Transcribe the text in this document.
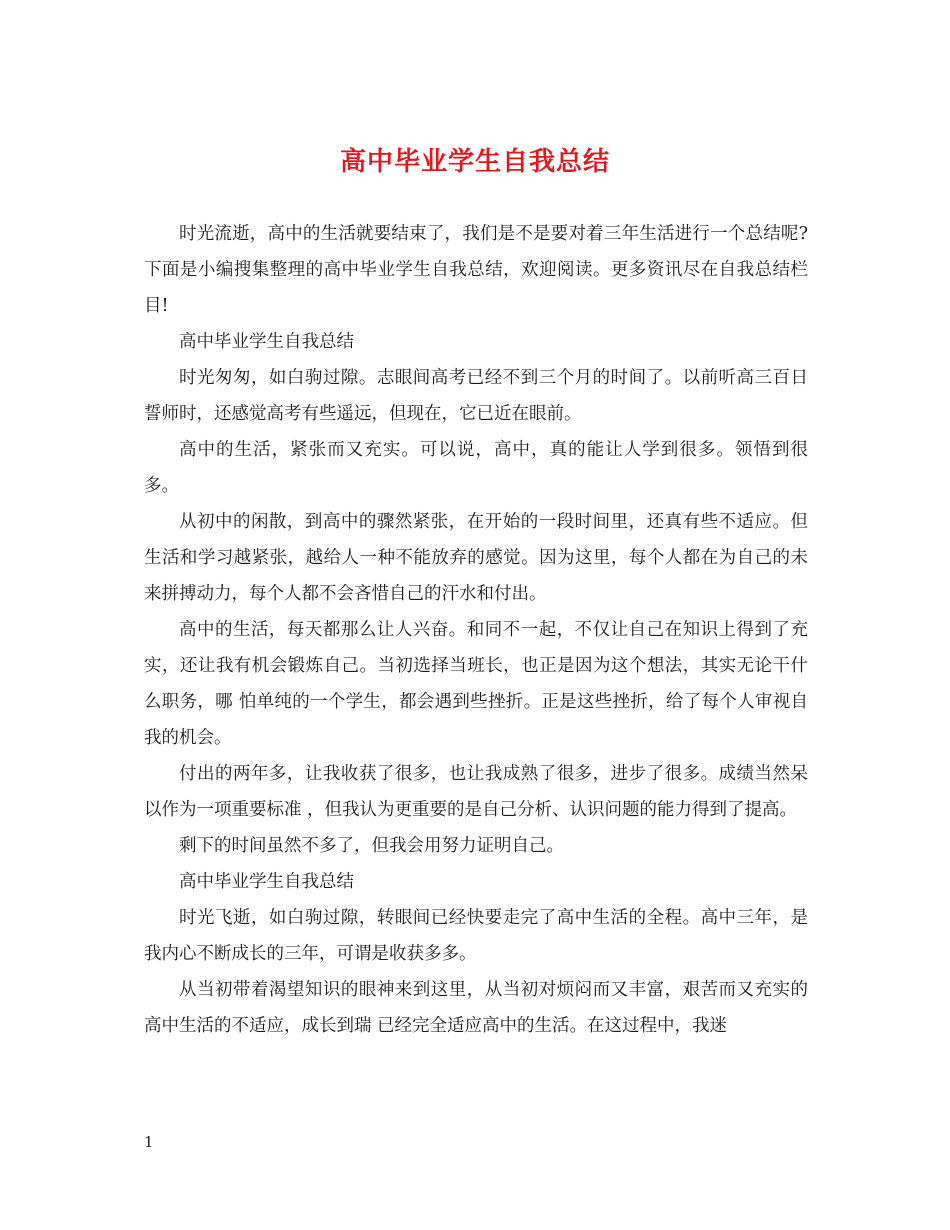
高中毕业学生自我总结

时光流逝，高中的生活就要结束了，我们是不是要对着三年生活进行一个总结呢?下面是小编搜集整理的高中毕业学生自我总结，欢迎阅读。更多资讯尽在自我总结栏目!

高中毕业学生自我总结

时光匆匆，如白驹过隙。志眼间高考已经不到三个月的时间了。以前听高三百日誓师时，还感觉高考有些遥远，但现在，它已近在眼前。

高中的生活，紧张而又充实。可以说，高中，真的能让人学到很多。领悟到很多。

从初中的闲散，到高中的骤然紧张，在开始的一段时间里，还真有些不适应。但生活和学习越紧张，越给人一种不能放弃的感觉。因为这里，每个人都在为自己的未来拼搏动力，每个人都不会吝惜自己的汗水和付出。

高中的生活，每天都那么让人兴奋。和同不一起，不仅让自己在知识上得到了充实，还让我有机会锻炼自己。当初选择当班长，也正是因为这个想法，其实无论干什么职务，哪 怕单纯的一个学生，都会遇到些挫折。正是这些挫折，给了每个人审视自我的机会。

付出的两年多，让我收获了很多，也让我成熟了很多，进步了很多。成绩当然呆以作为一项重要标准 ，但我认为更重要的是自己分析、认识问题的能力得到了提高。

剩下的时间虽然不多了，但我会用努力证明自己。

高中毕业学生自我总结

时光飞逝，如白驹过隙，转眼间已经快要走完了高中生活的全程。高中三年，是我内心不断成长的三年，可谓是收获多多。

从当初带着渴望知识的眼神来到这里，从当初对烦闷而又丰富，艰苦而又充实的高中生活的不适应，成长到瑞 已经完全适应高中的生活。在这过程中，我迷

1
